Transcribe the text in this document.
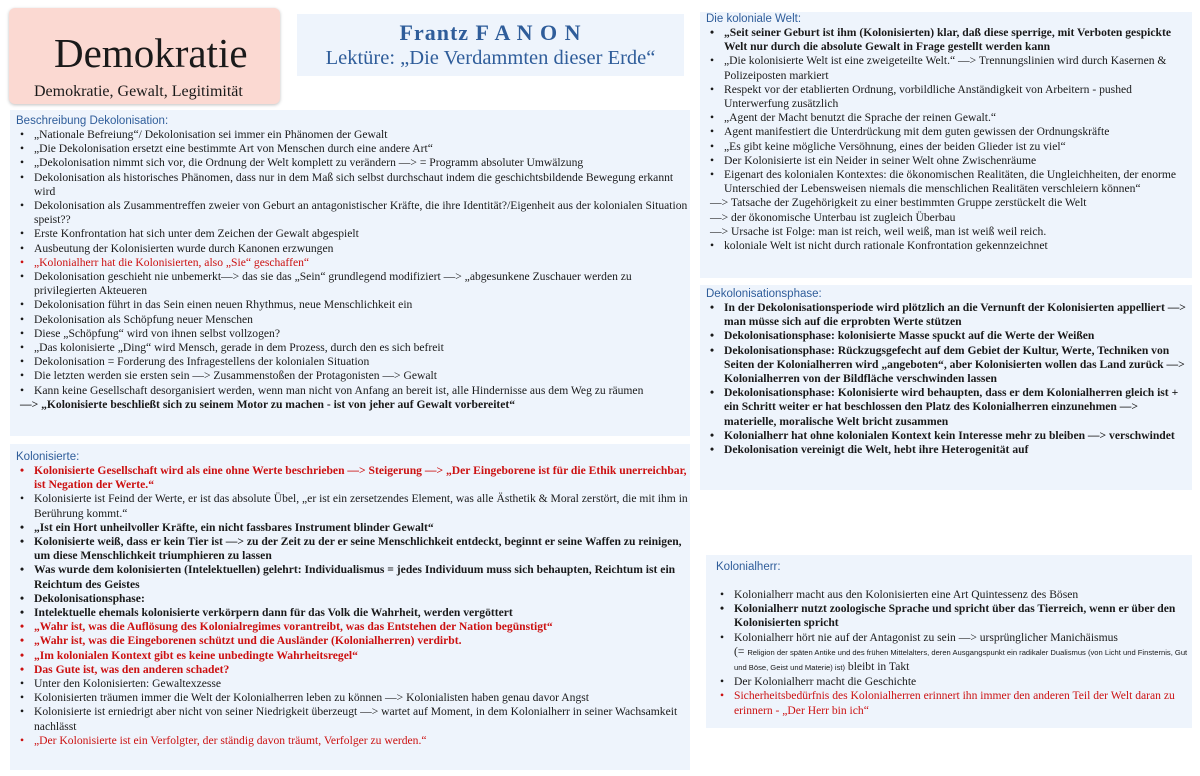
Demokratie
Demokratie, Gewalt, Legitimität
Frantz F A N O N
Lektüre: „Die Verdammten dieser Erde“
Beschreibung Dekolonisation:
• „Nationale Befreiung“/ Dekolonisation sei immer ein Phänomen der Gewalt
• „Die Dekolonisation ersetzt eine bestimmte Art von Menschen durch eine andere Art“
• „Dekolonisation nimmt sich vor, die Ordnung der Welt komplett zu verändern —> = Programm absoluter Umwälzung
• Dekolonisation als historisches Phänomen, dass nur in dem Maß sich selbst durchschaut indem die geschichtsbildende Bewegung erkannt wird
• Dekolonisation als Zusammentreffen zweier von Geburt an antagonistischer Kräfte, die ihre Identität?/Eigenheit aus der kolonialen Situation speist??
• Erste Konfrontation hat sich unter dem Zeichen der Gewalt abgespielt
• Ausbeutung der Kolonisierten wurde durch Kanonen erzwungen
• „Kolonialherr hat die Kolonisierten, also „Sie“ geschaffen“
• Dekolonisation geschieht nie unbemerkt—> das sie das „Sein“ grundlegend modifiziert —> „abgesunkene Zuschauer werden zu privilegierten Akteueren
• Dekolonisation führt in das Sein einen neuen Rhythmus, neue Menschlichkeit ein
• Dekolonisation als Schöpfung neuer Menschen
• Diese „Schöpfung“ wird von ihnen selbst vollzogen?
• „Das kolonisierte „Ding“ wird Mensch, gerade in dem Prozess, durch den es sich befreit
• Dekolonisation = Forderung des Infragestellens der kolonialen Situation
• Die letzten werden sie ersten sein —> Zusammenstoßen der Protagonisten —> Gewalt
• Kann keine Gesellschaft desorganisiert werden, wenn man nicht von Anfang an bereit ist, alle Hindernisse aus dem Weg zu räumen
—> „Kolonisierte beschließt sich zu seinem Motor zu machen - ist von jeher auf Gewalt vorbereitet“
Kolonisierte:
• Kolonisierte Gesellschaft wird als eine ohne Werte beschrieben —> Steigerung —> „Der Eingeborene ist für die Ethik unerreichbar, ist Negation der Werte.“
• Kolonisierte ist Feind der Werte, er ist das absolute Übel, „er ist ein zersetzendes Element, was alle Ästhetik & Moral zerstört, die mit ihm in Berührung kommt.“
• „Ist ein Hort unheilvoller Kräfte, ein nicht fassbares Instrument blinder Gewalt“
• Kolonisierte weiß, dass er kein Tier ist —> zu der Zeit zu der er seine Menschlichkeit entdeckt, beginnt er seine Waffen zu reinigen, um diese Menschlichkeit triumphieren zu lassen
• Was wurde dem kolonisierten (Intelektuellen) gelehrt: Individualismus = jedes Individuum muss sich behaupten, Reichtum ist ein Reichtum des Geistes
• Dekolonisationsphase:
• Intelektuelle ehemals kolonisierte verkörpern dann für das Volk die Wahrheit, werden vergöttert
• „Wahr ist, was die Auflösung des Kolonialregimes vorantreibt, was das Entstehen der Nation begünstigt“
• „Wahr ist, was die Eingeborenen schützt und die Ausländer (Kolonialherren) verdirbt.
• „Im kolonialen Kontext gibt es keine unbedingte Wahrheitsregel“
• Das Gute ist, was den anderen schadet?
• Unter den Kolonisierten: Gewaltexzesse
• Kolonisierten träumen immer die Welt der Kolonialherren leben zu können —> Kolonialisten haben genau davor Angst
• Kolonisierte ist erniedrigt aber nicht von seiner Niedrigkeit überzeugt —> wartet auf Moment, in dem Kolonialherr in seiner Wachsamkeit nachlässt
• „Der Kolonisierte ist ein Verfolgter, der ständig davon träumt, Verfolger zu werden.“
Die koloniale Welt:
• „Seit seiner Geburt ist ihm (Kolonisierten) klar, daß diese sperrige, mit Verboten gespickte Welt nur durch die absolute Gewalt in Frage gestellt werden kann
• „Die kolonisierte Welt ist eine zweigeteilte Welt.“ —> Trennungslinien wird durch Kasernen & Polizeiposten markiert
• Respekt vor der etablierten Ordnung, vorbildliche Anständigkeit von Arbeitern - pushed Unterwerfung zusätzlich
• „Agent der Macht benutzt die Sprache der reinen Gewalt.“
• Agent manifestiert die Unterdrückung mit dem guten gewissen der Ordnungskräfte
• „Es gibt keine mögliche Versöhnung, eines der beiden Glieder ist zu viel“
• Der Kolonisierte ist ein Neider in seiner Welt ohne Zwischenräume
• Eigenart des kolonialen Kontextes: die ökonomischen Realitäten, die Ungleichheiten, der enorme Unterschied der Lebensweisen niemals die menschlichen Realitäten verschleiern können“
—> Tatsache der Zugehörigkeit zu einer bestimmten Gruppe zerstückelt die Welt
—> der ökonomische Unterbau ist zugleich Überbau
—> Ursache ist Folge: man ist reich, weil weiß, man ist weiß weil reich.
• koloniale Welt ist nicht durch rationale Konfrontation gekennzeichnet
Dekolonisationsphase:
• In der Dekolonisationsperiode wird plötzlich an die Vernunft der Kolonisierten appelliert —> man müsse sich auf die erprobten Werte stützen
• Dekolonisationsphase: kolonisierte Masse spuckt auf die Werte der Weißen
• Dekolonisationsphase: Rückzugsgefecht auf dem Gebiet der Kultur, Werte, Techniken von Seiten der Kolonialherren wird „angeboten“, aber Kolonisierten wollen das Land zurück —> Kolonialherren von der Bildfläche verschwinden lassen
• Dekolonisationsphase: Kolonisierte wird behaupten, dass er dem Kolonialherren gleich ist + ein Schritt weiter er hat beschlossen den Platz des Kolonialherren einzunehmen —> materielle, moralische Welt bricht zusammen
• Kolonialherr hat ohne kolonialen Kontext kein Interesse mehr zu bleiben —> verschwindet
• Dekolonisation vereinigt die Welt, hebt ihre Heterogenität auf
Kolonialherr:
• Kolonialherr macht aus den Kolonisierten eine Art Quintessenz des Bösen
• Kolonialherr nutzt zoologische Sprache und spricht über das Tierreich, wenn er über den Kolonisierten spricht
• Kolonialherr hört nie auf der Antagonist zu sein —> ursprünglicher Manichäismus
(= Religion der späten Antike und des frühen Mittelalters, deren Ausgangspunkt ein radikaler Dualismus (von Licht und Finsternis, Gut und Böse, Geist und Materie) ist) bleibt in Takt
• Der Kolonialherr macht die Geschichte
• Sicherheitsbedürfnis des Kolonialherren erinnert ihn immer den anderen Teil der Welt daran zu erinnern - „Der Herr bin ich“
